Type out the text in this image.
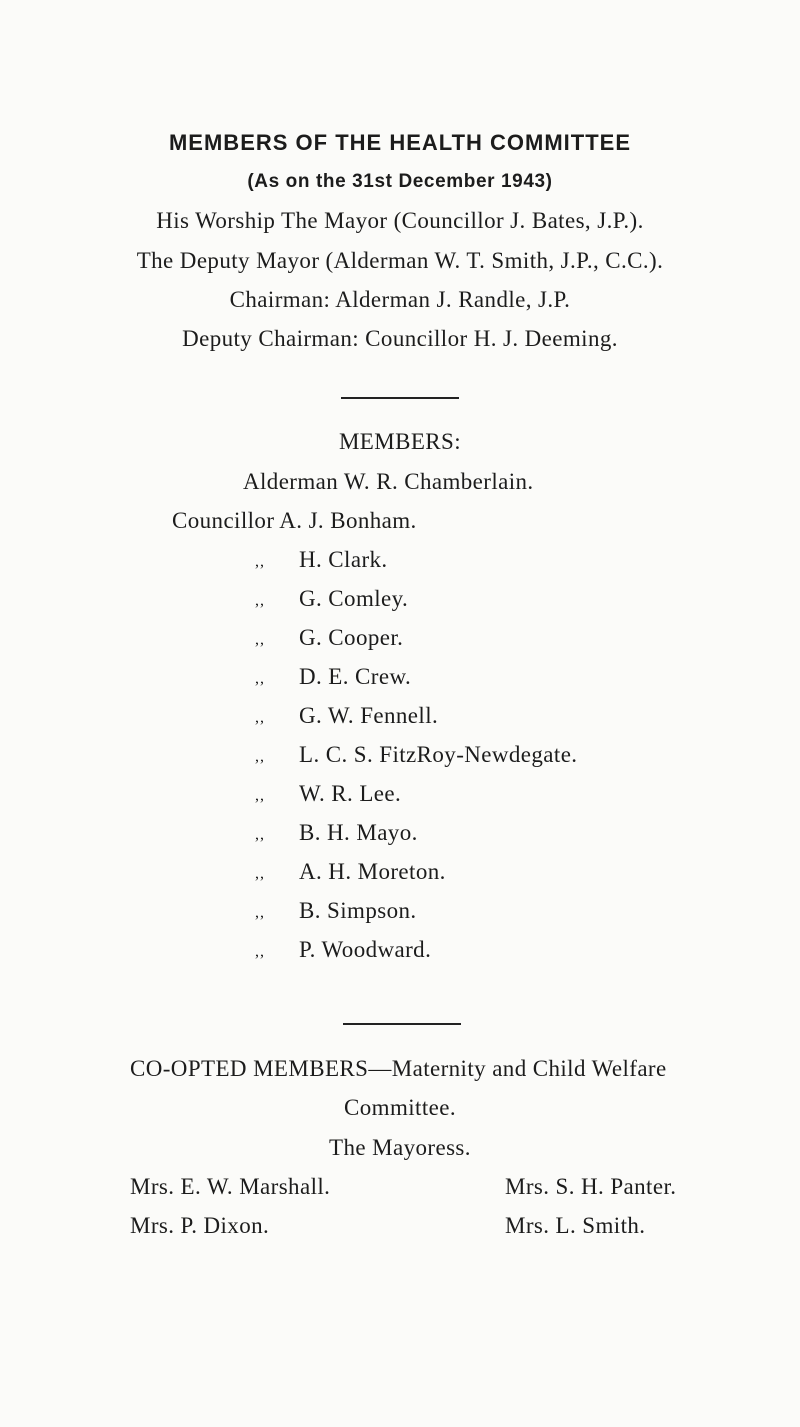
MEMBERS OF THE HEALTH COMMITTEE
(As on the 31st December 1943)
His Worship The Mayor (Councillor J. Bates, J.P.).
The Deputy Mayor (Alderman W. T. Smith, J.P., C.C.).
Chairman: Alderman J. Randle, J.P.
Deputy Chairman: Councillor H. J. Deeming.
MEMBERS:
Alderman W. R. Chamberlain.
Councillor A. J. Bonham.
,, H. Clark.
,, G. Comley.
,, G. Cooper.
,, D. E. Crew.
,, G. W. Fennell.
,, L. C. S. FitzRoy-Newdegate.
,, W. R. Lee.
,, B. H. Mayo.
,, A. H. Moreton.
,, B. Simpson.
,, P. Woodward.
CO-OPTED MEMBERS—Maternity and Child Welfare
Committee.
The Mayoress.
Mrs. E. W. Marshall.	Mrs. S. H. Panter.
Mrs. P. Dixon.	Mrs. L. Smith.
